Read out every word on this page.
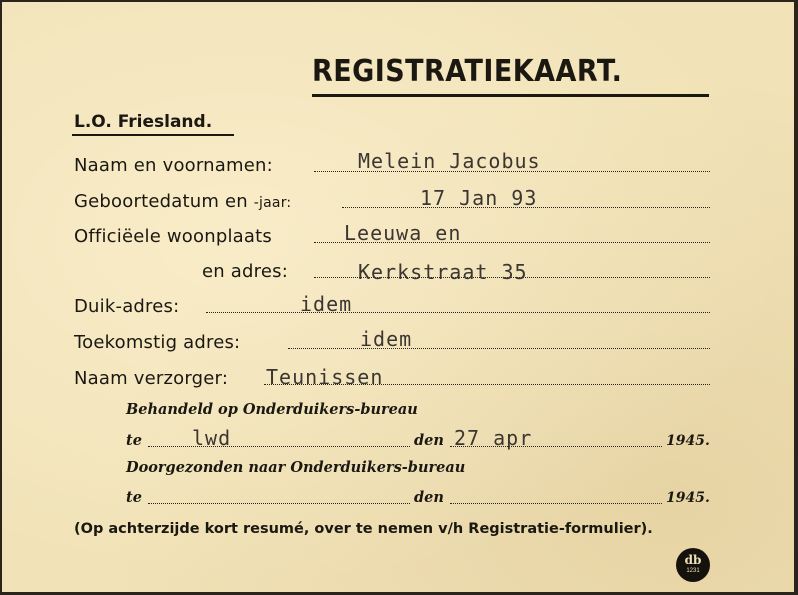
REGISTRATIEKAART.
L.O. Friesland.
Naam en voornamen:	Melein Jacobus
Geboortedatum en -jaar:	17 Jan 93
Officiëele woonplaats	Leeuwa en
en adres:	Kerkstraat 35
Duik-adres:	idem
Toekomstig adres:	idem
Naam verzorger: Teunissen
Behandeld op Onderduikers-bureau
te	lwd	den 27 apr	1945.
Doorgezonden naar Onderduikers-bureau
te	den	1945.
(Op achterzijde kort resumé, over te nemen v/h Registratie-formulier).
db
1231
